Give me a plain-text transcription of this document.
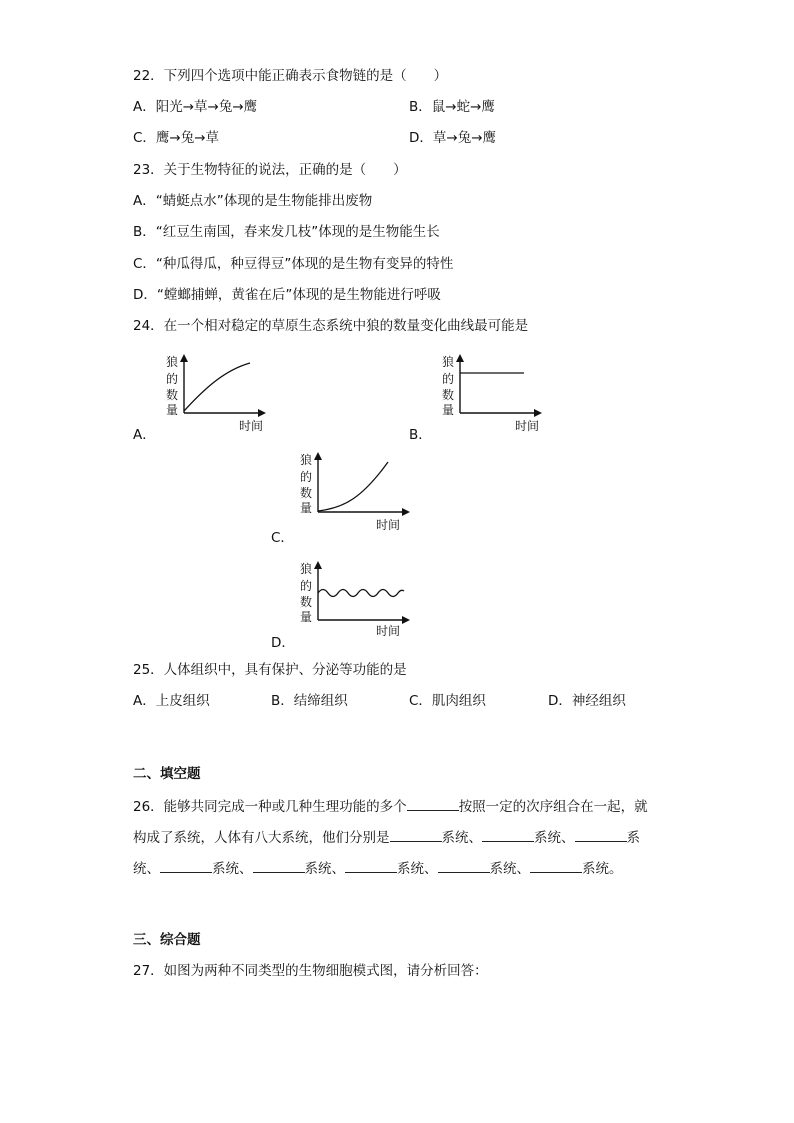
22．下列四个选项中能正确表示食物链的是（　　）
A．阳光→草→兔→鹰	B．鼠→蛇→鹰
C．鹰→兔→草	D．草→兔→鹰
23．关于生物特征的说法，正确的是（　　）
A．“蜻蜓点水”体现的是生物能排出废物
B．“红豆生南国，春来发几枝”体现的是生物能生长
C．“种瓜得瓜，种豆得豆”体现的是生物有变异的特性
D．“螳螂捕蝉，黄雀在后”体现的是生物能进行呼吸
24．在一个相对稳定的草原生态系统中狼的数量变化曲线最可能是
狼
的
数
量
时间
A．
狼
的
数
量
时间
B．
狼
的
数
量
时间
C．
狼
的
数
量
时间
D．
25．人体组织中，具有保护、分泌等功能的是
A．上皮组织	B．结缔组织	C．肌肉组织	D．神经组织
二、填空题
26．能够共同完成一种或几种生理功能的多个	按照一定的次序组合在一起，就
构成了系统，人体有八大系统，他们分别是	系统、	系统、	系
统、	系统、	系统、	系统、	系统、	系统。
三、综合题
27．如图为两种不同类型的生物细胞模式图，请分析回答：
